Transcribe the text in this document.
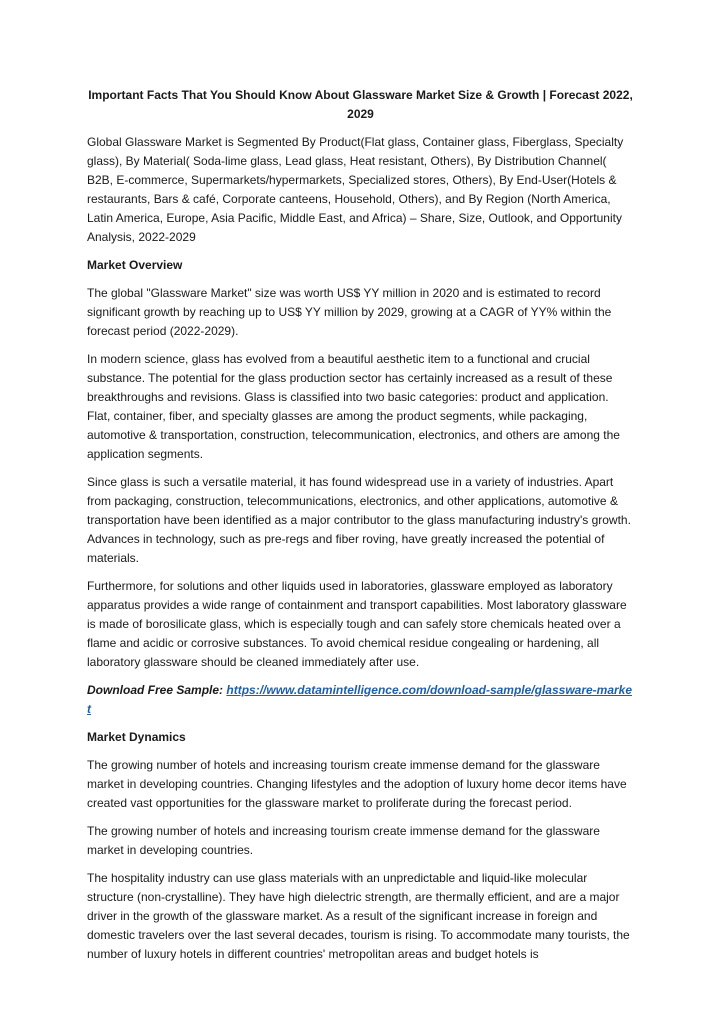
Important Facts That You Should Know About Glassware Market Size & Growth | Forecast 2022, 2029

Global Glassware Market is Segmented By Product(Flat glass, Container glass, Fiberglass, Specialty glass), By Material( Soda-lime glass, Lead glass, Heat resistant, Others), By Distribution Channel( B2B, E-commerce, Supermarkets/hypermarkets, Specialized stores, Others), By End-User(Hotels & restaurants, Bars & café, Corporate canteens, Household, Others), and By Region (North America, Latin America, Europe, Asia Pacific, Middle East, and Africa) – Share, Size, Outlook, and Opportunity Analysis, 2022-2029

Market Overview

The global "Glassware Market" size was worth US$ YY million in 2020 and is estimated to record significant growth by reaching up to US$ YY million by 2029, growing at a CAGR of YY% within the forecast period (2022-2029).

In modern science, glass has evolved from a beautiful aesthetic item to a functional and crucial substance. The potential for the glass production sector has certainly increased as a result of these breakthroughs and revisions. Glass is classified into two basic categories: product and application. Flat, container, fiber, and specialty glasses are among the product segments, while packaging, automotive & transportation, construction, telecommunication, electronics, and others are among the application segments.

Since glass is such a versatile material, it has found widespread use in a variety of industries. Apart from packaging, construction, telecommunications, electronics, and other applications, automotive & transportation have been identified as a major contributor to the glass manufacturing industry's growth. Advances in technology, such as pre-regs and fiber roving, have greatly increased the potential of materials.

Furthermore, for solutions and other liquids used in laboratories, glassware employed as laboratory apparatus provides a wide range of containment and transport capabilities. Most laboratory glassware is made of borosilicate glass, which is especially tough and can safely store chemicals heated over a flame and acidic or corrosive substances. To avoid chemical residue congealing or hardening, all laboratory glassware should be cleaned immediately after use.

Download Free Sample: https://www.datamintelligence.com/download-sample/glassware-market

Market Dynamics

The growing number of hotels and increasing tourism create immense demand for the glassware market in developing countries. Changing lifestyles and the adoption of luxury home decor items have created vast opportunities for the glassware market to proliferate during the forecast period.

The growing number of hotels and increasing tourism create immense demand for the glassware market in developing countries.

The hospitality industry can use glass materials with an unpredictable and liquid-like molecular structure (non-crystalline). They have high dielectric strength, are thermally efficient, and are a major driver in the growth of the glassware market. As a result of the significant increase in foreign and domestic travelers over the last several decades, tourism is rising. To accommodate many tourists, the number of luxury hotels in different countries' metropolitan areas and budget hotels is
